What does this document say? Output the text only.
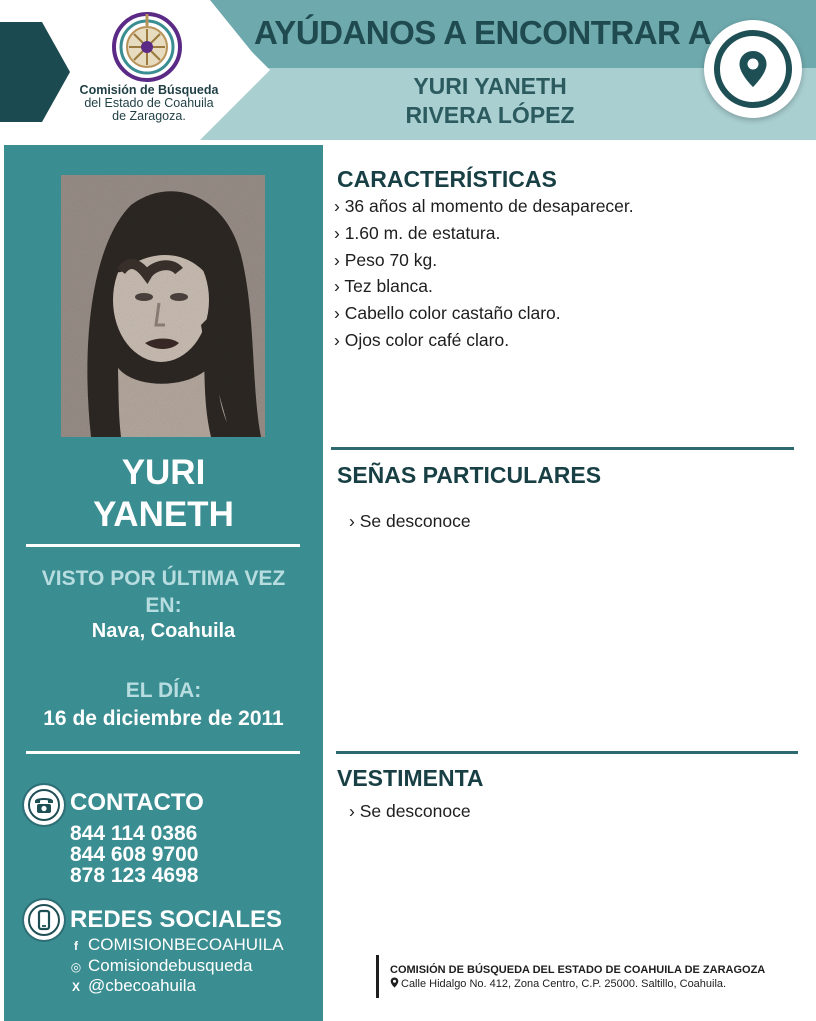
Comisión de Búsqueda
del Estado de Coahuila
de Zaragoza.
AYÚDANOS A ENCONTRAR A
YURI YANETH
RIVERA LÓPEZ
YURI
YANETH
VISTO POR ÚLTIMA VEZ
EN:
Nava, Coahuila
EL DÍA:
16 de diciembre de 2011
CONTACTO
844 114 0386
844 608 9700
878 123 4698
REDES SOCIALES
f COMISIONBECOAHUILA
◎ Comisiondebusqueda
X @cbecoahuila
CARACTERÍSTICAS
› 36 años al momento de desaparecer.
› 1.60 m. de estatura.
› Peso 70 kg.
› Tez blanca.
› Cabello color castaño claro.
› Ojos color café claro.
SEÑAS PARTICULARES
› Se desconoce
VESTIMENTA
› Se desconoce
COMISIÓN DE BÚSQUEDA DEL ESTADO DE COAHUILA DE ZARAGOZA
Calle Hidalgo No. 412, Zona Centro, C.P. 25000. Saltillo, Coahuila.
